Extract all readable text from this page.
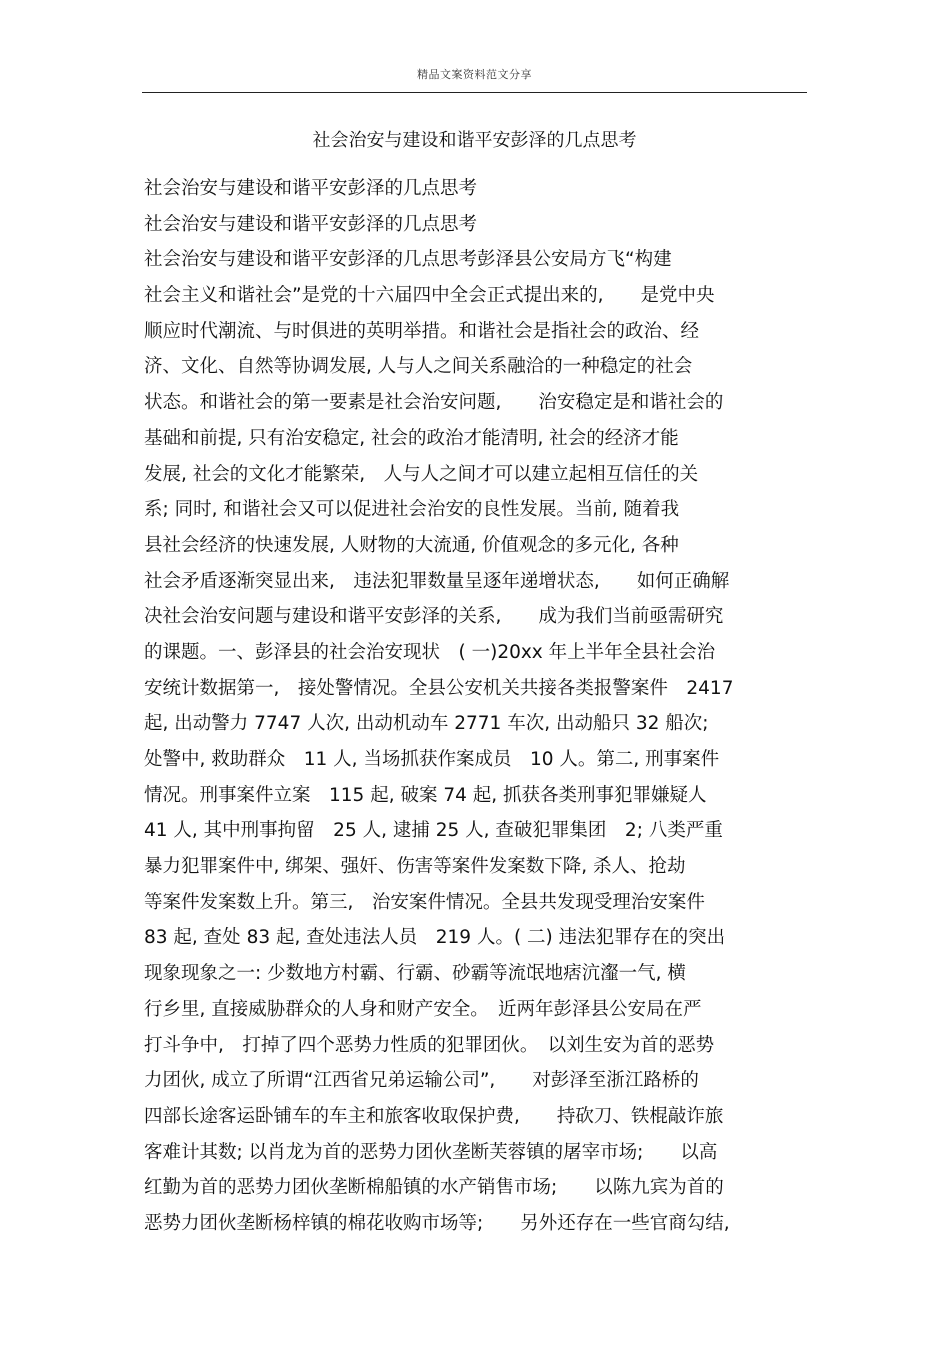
精品文案资料范文分享
社会治安与建设和谐平安彭泽的几点思考
社会治安与建设和谐平安彭泽的几点思考
社会治安与建设和谐平安彭泽的几点思考
社会治安与建设和谐平安彭泽的几点思考彭泽县公安局方飞“构建
社会主义和谐社会”是党的十六届四中全会正式提出来的,　　是党中央
顺应时代潮流、与时俱进的英明举措。和谐社会是指社会的政治、经
济、文化、自然等协调发展, 人与人之间关系融洽的一种稳定的社会
状态。和谐社会的第一要素是社会治安问题,　　治安稳定是和谐社会的
基础和前提, 只有治安稳定, 社会的政治才能清明, 社会的经济才能
发展, 社会的文化才能繁荣,　人与人之间才可以建立起相互信任的关
系; 同时, 和谐社会又可以促进社会治安的良性发展。当前, 随着我
县社会经济的快速发展, 人财物的大流通, 价值观念的多元化, 各种
社会矛盾逐渐突显出来,　违法犯罪数量呈逐年递增状态,　　如何正确解
决社会治安问题与建设和谐平安彭泽的关系,　　成为我们当前亟需研究
的课题。一、彭泽县的社会治安现状　( 一)20xx 年上半年全县社会治
安统计数据第一,　接处警情况。全县公安机关共接各类报警案件　2417
起, 出动警力 7747 人次, 出动机动车 2771 车次, 出动船只 32 船次;
处警中, 救助群众　11 人, 当场抓获作案成员　10 人。第二, 刑事案件
情况。刑事案件立案　115 起, 破案 74 起, 抓获各类刑事犯罪嫌疑人
41 人, 其中刑事拘留　25 人, 逮捕 25 人, 查破犯罪集团　2; 八类严重
暴力犯罪案件中, 绑架、强奸、伤害等案件发案数下降, 杀人、抢劫
等案件发案数上升。第三,　治安案件情况。全县共发现受理治安案件
83 起, 查处 83 起, 查处违法人员　219 人。( 二) 违法犯罪存在的突出
现象现象之一: 少数地方村霸、行霸、砂霸等流氓地痞沆瀣一气, 横
行乡里, 直接威胁群众的人身和财产安全。　近两年彭泽县公安局在严
打斗争中,　打掉了四个恶势力性质的犯罪团伙。　以刘生安为首的恶势
力团伙, 成立了所谓“江西省兄弟运输公司”,　　对彭泽至浙江路桥的
四部长途客运卧铺车的车主和旅客收取保护费,　　持砍刀、铁棍敲诈旅
客难计其数; 以肖龙为首的恶势力团伙垄断芙蓉镇的屠宰市场;　　以高
红勤为首的恶势力团伙垄断棉船镇的水产销售市场;　　以陈九宾为首的
恶势力团伙垄断杨梓镇的棉花收购市场等;　　另外还存在一些官商勾结,
